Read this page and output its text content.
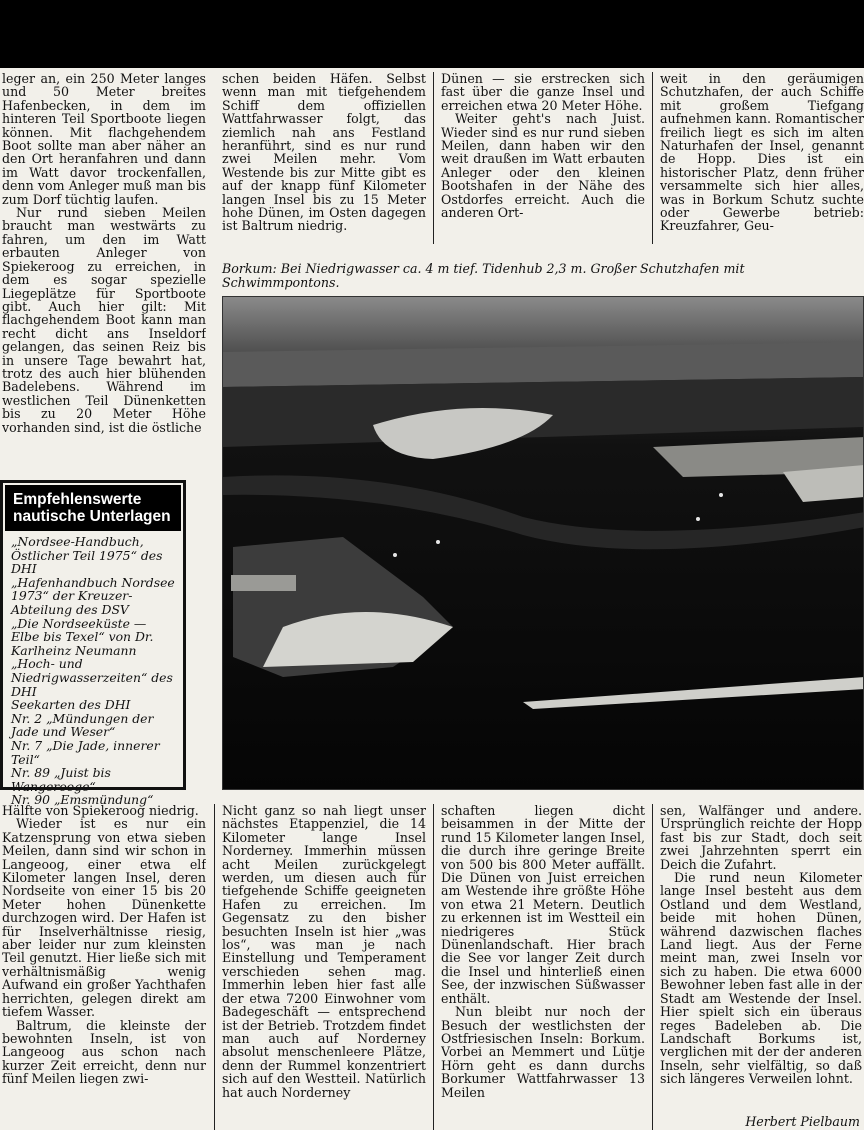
leger an, ein 250 Meter langes und 50 Meter breites Hafenbecken, in dem im hinteren Teil Sportboote liegen können. Mit flachgehendem Boot sollte man aber näher an den Ort heranfahren und dann im Watt davor trockenfallen, denn vom Anleger muß man bis zum Dorf tüchtig laufen.

Nur rund sieben Meilen braucht man westwärts zu fahren, um den im Watt erbauten Anleger von Spiekeroog zu erreichen, in dem es sogar spezielle Liegeplätze für Sportboote gibt. Auch hier gilt: Mit flachgehendem Boot kann man recht dicht ans Inseldorf gelangen, das seinen Reiz bis in unsere Tage bewahrt hat, trotz des auch hier blühenden Badelebens. Während im westlichen Teil Dünenketten bis zu 20 Meter Höhe vorhanden sind, ist die östliche

schen beiden Häfen. Selbst wenn man mit tiefgehendem Schiff dem offiziellen Wattfahrwasser folgt, das ziemlich nah ans Festland heranführt, sind es nur rund zwei Meilen mehr. Vom Westende bis zur Mitte gibt es auf der knapp fünf Kilometer langen Insel bis zu 15 Meter hohe Dünen, im Osten dagegen ist Baltrum niedrig.

Dünen — sie erstrecken sich fast über die ganze Insel und erreichen etwa 20 Meter Höhe.

Weiter geht's nach Juist. Wieder sind es nur rund sieben Meilen, dann haben wir den weit draußen im Watt erbauten Anleger oder den kleinen Bootshafen in der Nähe des Ostdorfes erreicht. Auch die anderen Ort-

weit in den geräumigen Schutzhafen, der auch Schiffe mit großem Tiefgang aufnehmen kann. Romantischer freilich liegt es sich im alten Naturhafen der Insel, genannt de Hopp. Dies ist ein historischer Platz, denn früher versammelte sich hier alles, was in Borkum Schutz suchte oder Gewerbe betrieb: Kreuzfahrer, Geu-

Borkum: Bei Niedrigwasser ca. 4 m tief. Tidenhub 2,3 m. Großer Schutzhafen mit Schwimmpontons.
Empfehlenswerte nautische Unterlagen
„Nordsee-Handbuch, Östlicher Teil 1975“ des DHI
„Hafenhandbuch Nordsee 1973“ der Kreuzer-Abteilung des DSV
„Die Nordseeküste — Elbe bis Texel“ von Dr. Karlheinz Neumann
„Hoch- und Niedrigwasserzeiten“ des DHI
Seekarten des DHI
Nr. 2 „Mündungen der Jade und Weser“
Nr. 7 „Die Jade, innerer Teil“
Nr. 89 „Juist bis Wangerooge“
Nr. 90 „Emsmündung“

Hälfte von Spiekeroog niedrig.

Wieder ist es nur ein Katzensprung von etwa sieben Meilen, dann sind wir schon in Langeoog, einer etwa elf Kilometer langen Insel, deren Nordseite von einer 15 bis 20 Meter hohen Dünenkette durchzogen wird. Der Hafen ist für Inselverhältnisse riesig, aber leider nur zum kleinsten Teil genutzt. Hier ließe sich mit verhältnismäßig wenig Aufwand ein großer Yachthafen herrichten, gelegen direkt am tiefem Wasser.

Baltrum, die kleinste der bewohnten Inseln, ist von Langeoog aus schon nach kurzer Zeit erreicht, denn nur fünf Meilen liegen zwi-

Nicht ganz so nah liegt unser nächstes Etappenziel, die 14 Kilometer lange Insel Norderney. Immerhin müssen acht Meilen zurückgelegt werden, um diesen auch für tiefgehende Schiffe geeigneten Hafen zu erreichen. Im Gegensatz zu den bisher besuchten Inseln ist hier „was los“, was man je nach Einstellung und Temperament verschieden sehen mag. Immerhin leben hier fast alle der etwa 7200 Einwohner vom Badegeschäft — entsprechend ist der Betrieb. Trotzdem findet man auch auf Norderney absolut menschenleere Plätze, denn der Rummel konzentriert sich auf den Westteil. Natürlich hat auch Norderney

schaften liegen dicht beisammen in der Mitte der rund 15 Kilometer langen Insel, die durch ihre geringe Breite von 500 bis 800 Meter auffällt. Die Dünen von Juist erreichen am Westende ihre größte Höhe von etwa 21 Metern. Deutlich zu erkennen ist im Westteil ein niedrigeres Stück Dünenlandschaft. Hier brach die See vor langer Zeit durch die Insel und hinterließ einen See, der inzwischen Süßwasser enthält.

Nun bleibt nur noch der Besuch der westlichsten der Ostfriesischen Inseln: Borkum. Vorbei an Memmert und Lütje Hörn geht es dann durchs Borkumer Wattfahrwasser 13 Meilen

sen, Walfänger und andere. Ursprünglich reichte der Hopp fast bis zur Stadt, doch seit zwei Jahrzehnten sperrt ein Deich die Zufahrt.

Die rund neun Kilometer lange Insel besteht aus dem Ostland und dem Westland, beide mit hohen Dünen, während dazwischen flaches Land liegt. Aus der Ferne meint man, zwei Inseln vor sich zu haben. Die etwa 6000 Bewohner leben fast alle in der Stadt am Westende der Insel. Hier spielt sich ein überaus reges Badeleben ab. Die Landschaft Borkums ist, verglichen mit der der anderen Inseln, sehr vielfältig, so daß sich längeres Verweilen lohnt.

Herbert Pielbaum
